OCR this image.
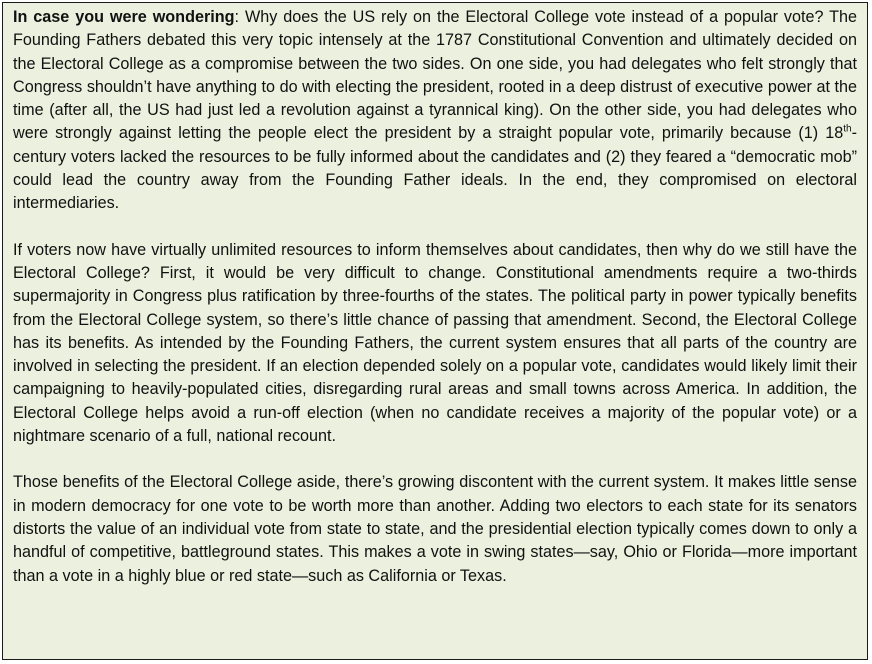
In case you were wondering: Why does the US rely on the Electoral College vote instead of a popular vote? The Founding Fathers debated this very topic intensely at the 1787 Constitutional Convention and ultimately decided on the Electoral College as a compromise between the two sides. On one side, you had delegates who felt strongly that Congress shouldn’t have anything to do with electing the president, rooted in a deep distrust of executive power at the time (after all, the US had just led a revolution against a tyrannical king). On the other side, you had delegates who were strongly against letting the people elect the president by a straight popular vote, primarily because (1) 18th-century voters lacked the resources to be fully informed about the candidates and (2) they feared a “democratic mob” could lead the country away from the Founding Father ideals. In the end, they compromised on electoral intermediaries.

If voters now have virtually unlimited resources to inform themselves about candidates, then why do we still have the Electoral College? First, it would be very difficult to change. Constitutional amendments require a two-thirds supermajority in Congress plus ratification by three-fourths of the states. The political party in power typically benefits from the Electoral College system, so there’s little chance of passing that amendment. Second, the Electoral College has its benefits. As intended by the Founding Fathers, the current system ensures that all parts of the country are involved in selecting the president. If an election depended solely on a popular vote, candidates would likely limit their campaigning to heavily-populated cities, disregarding rural areas and small towns across America. In addition, the Electoral College helps avoid a run-off election (when no candidate receives a majority of the popular vote) or a nightmare scenario of a full, national recount.

Those benefits of the Electoral College aside, there’s growing discontent with the current system. It makes little sense in modern democracy for one vote to be worth more than another. Adding two electors to each state for its senators distorts the value of an individual vote from state to state, and the presidential election typically comes down to only a handful of competitive, battleground states. This makes a vote in swing states—say, Ohio or Florida—more important than a vote in a highly blue or red state—such as California or Texas.
